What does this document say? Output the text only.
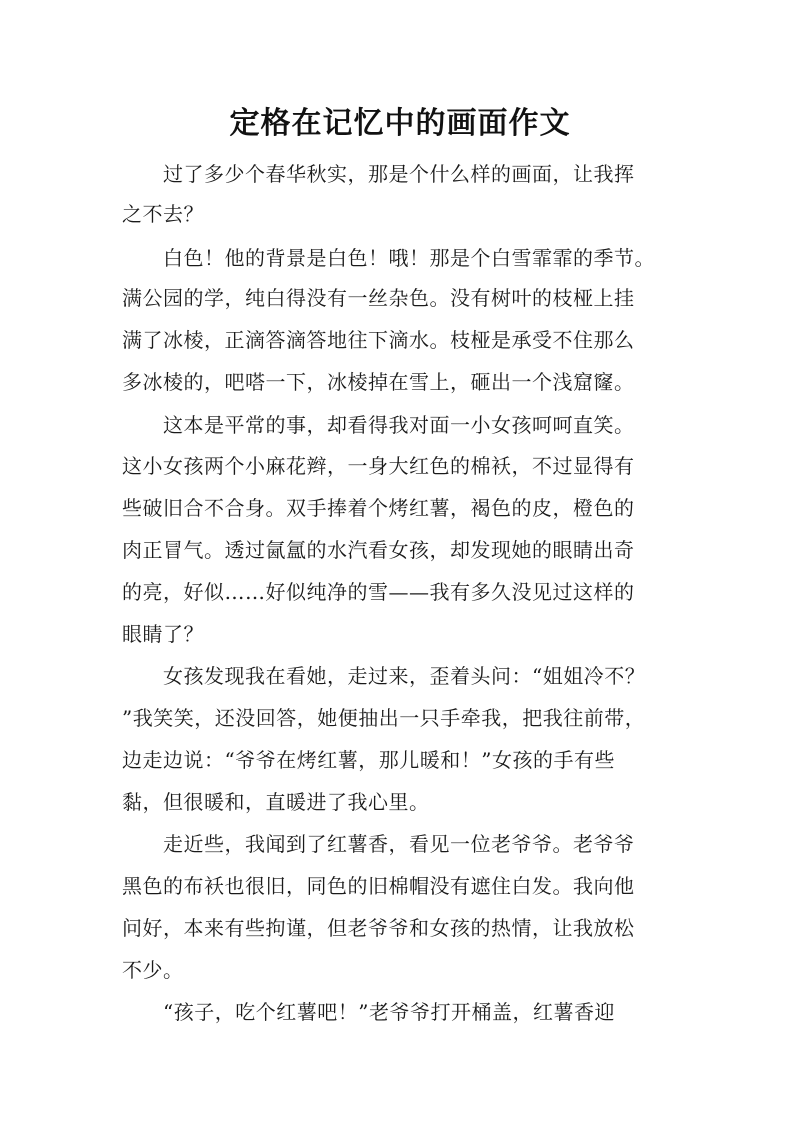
定格在记忆中的画面作文
　　过了多少个春华秋实，那是个什么样的画面，让我挥
之不去？
　　白色！他的背景是白色！哦！那是个白雪霏霏的季节。
满公园的学，纯白得没有一丝杂色。没有树叶的枝桠上挂
满了冰棱，正滴答滴答地往下滴水。枝桠是承受不住那么
多冰棱的，吧嗒一下，冰棱掉在雪上，砸出一个浅窟窿。
　　这本是平常的事，却看得我对面一小女孩呵呵直笑。
这小女孩两个小麻花辫，一身大红色的棉袄，不过显得有
些破旧合不合身。双手捧着个烤红薯，褐色的皮，橙色的
肉正冒气。透过氤氲的水汽看女孩，却发现她的眼睛出奇
的亮，好似……好似纯净的雪——我有多久没见过这样的
眼睛了？
　　女孩发现我在看她，走过来，歪着头问：“姐姐冷不？
”我笑笑，还没回答，她便抽出一只手牵我，把我往前带，
边走边说：“爷爷在烤红薯，那儿暖和！”女孩的手有些
黏，但很暖和，直暖进了我心里。
　　走近些，我闻到了红薯香，看见一位老爷爷。老爷爷
黑色的布袄也很旧，同色的旧棉帽没有遮住白发。我向他
问好，本来有些拘谨，但老爷爷和女孩的热情，让我放松
不少。
　　“孩子，吃个红薯吧！”老爷爷打开桶盖，红薯香迎
